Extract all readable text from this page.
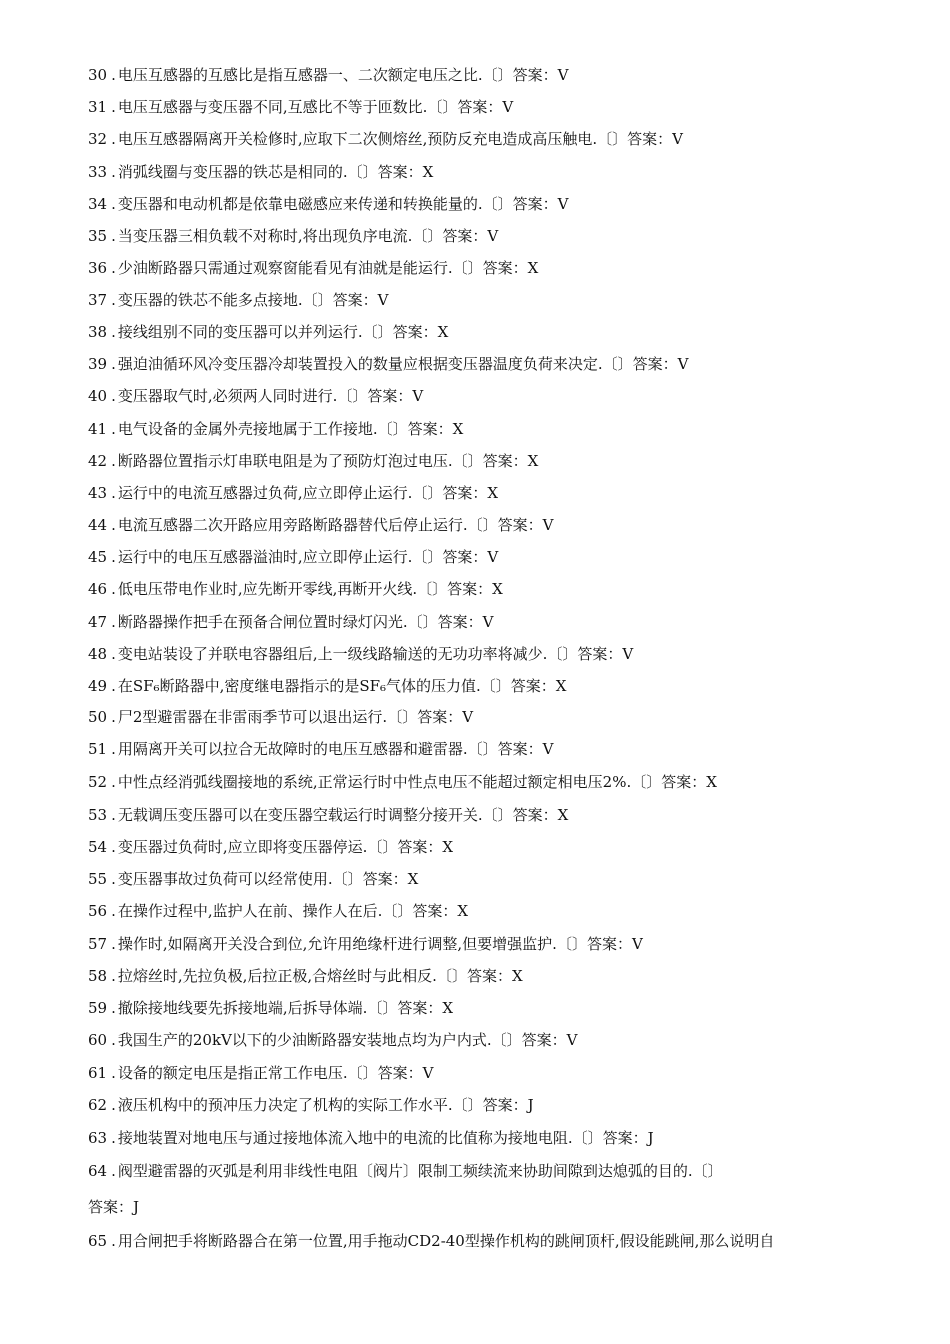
30 . 电压互感器的互感比是指互感器一、二次额定电压之比.〔〕答案：V
31 . 电压互感器与变压器不同,互感比不等于匝数比.〔〕答案：V
32 . 电压互感器隔离开关检修时,应取下二次侧熔丝,预防反充电造成高压触电.〔〕答案：V
33 . 消弧线圈与变压器的铁芯是相同的.〔〕答案：X
34 . 变压器和电动机都是依靠电磁感应来传递和转换能量的.〔〕答案：V
35 . 当变压器三相负载不对称时,将出现负序电流.〔〕答案：V
36 . 少油断路器只需通过观察窗能看见有油就是能运行.〔〕答案：X
37 . 变压器的铁芯不能多点接地.〔〕答案：V
38 . 接线组别不同的变压器可以并列运行.〔〕答案：X
39 . 强迫油循环风冷变压器冷却装置投入的数量应根据变压器温度负荷来决定.〔〕答案：V
40 . 变压器取气时,必须两人同时进行.〔〕答案：V
41 . 电气设备的金属外壳接地属于工作接地.〔〕答案：X
42 . 断路器位置指示灯串联电阻是为了预防灯泡过电压.〔〕答案：X
43 . 运行中的电流互感器过负荷,应立即停止运行.〔〕答案：X
44 . 电流互感器二次开路应用旁路断路器替代后停止运行.〔〕答案：V
45 . 运行中的电压互感器溢油时,应立即停止运行.〔〕答案：V
46 . 低电压带电作业时,应先断开零线,再断开火线.〔〕答案：X
47 . 断路器操作把手在预备合闸位置时绿灯闪光.〔〕答案：V
48 . 变电站装设了并联电容器组后,上一级线路输送的无功功率将减少.〔〕答案：V
49 . 在SF₆断路器中,密度继电器指示的是SF₆气体的压力值.〔〕答案：X
50 . 尸2型避雷器在非雷雨季节可以退出运行.〔〕答案：V
51 . 用隔离开关可以拉合无故障时的电压互感器和避雷器.〔〕答案：V
52 . 中性点经消弧线圈接地的系统,正常运行时中性点电压不能超过额定相电压2%.〔〕答案：X
53 . 无载调压变压器可以在变压器空载运行时调整分接开关.〔〕答案：X
54 . 变压器过负荷时,应立即将变压器停运.〔〕答案：X
55 . 变压器事故过负荷可以经常使用.〔〕答案：X
56 . 在操作过程中,监护人在前、操作人在后.〔〕答案：X
57 . 操作时,如隔离开关没合到位,允许用绝缘杆进行调整,但要增强监护.〔〕答案：V
58 . 拉熔丝时,先拉负极,后拉正极,合熔丝时与此相反.〔〕答案：X
59 . 撤除接地线要先拆接地端,后拆导体端.〔〕答案：X
60 . 我国生产的20kV以下的少油断路器安装地点均为户内式.〔〕答案：V
61 . 设备的额定电压是指正常工作电压.〔〕答案：V
62 . 液压机构中的预冲压力决定了机构的实际工作水平.〔〕答案：J
63 . 接地装置对地电压与通过接地体流入地中的电流的比值称为接地电阻.〔〕答案：J
64 . 阀型避雷器的灭弧是利用非线性电阻〔阀片〕限制工频续流来协助间隙到达熄弧的目的.〔〕
答案：J
65 . 用合闸把手将断路器合在第一位置,用手拖动CD2-40型操作机构的跳闸顶杆,假设能跳闸,那么说明自
